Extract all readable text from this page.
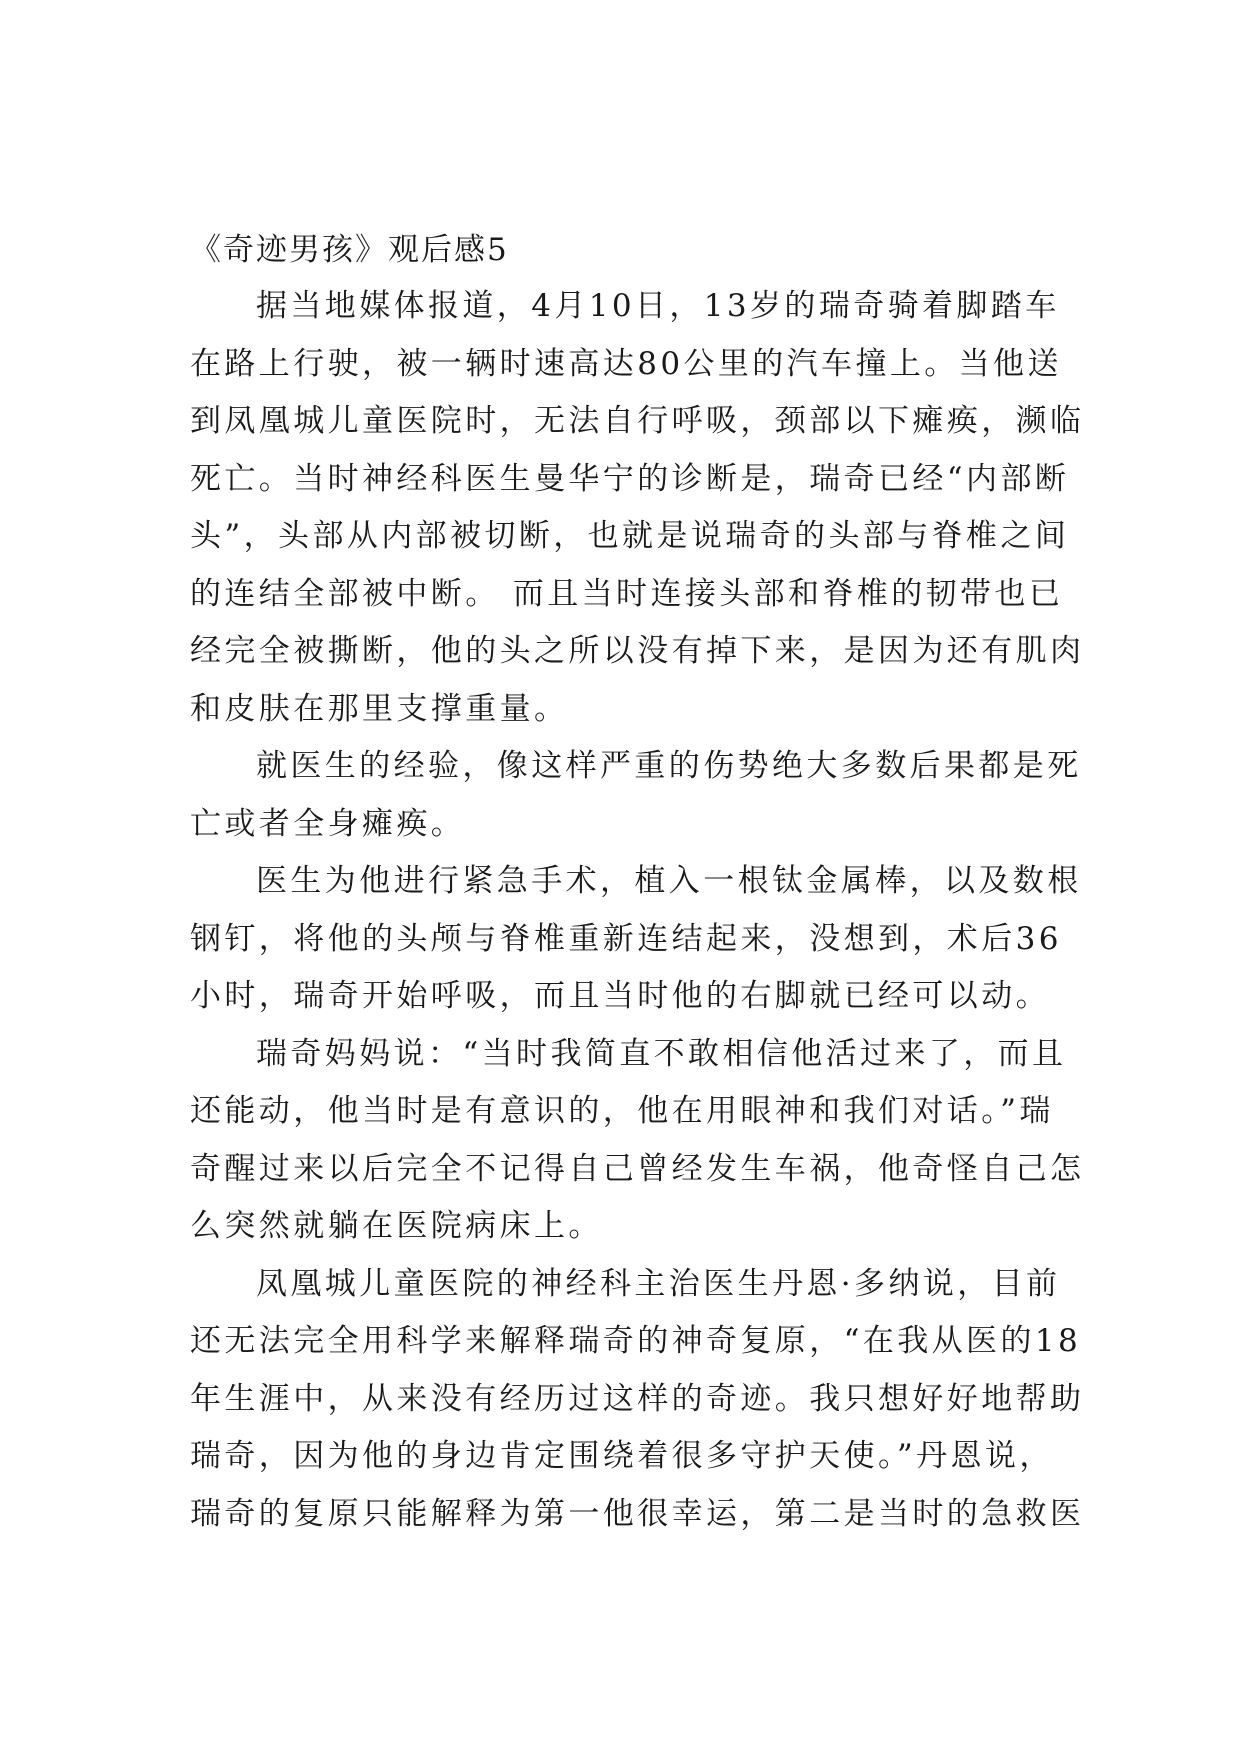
《奇迹男孩》观后感5
据当地媒体报道，4月10日，13岁的瑞奇骑着脚踏车
在路上行驶，被一辆时速高达80公里的汽车撞上。当他送
到凤凰城儿童医院时，无法自行呼吸，颈部以下瘫痪，濒临
死亡。当时神经科医生曼华宁的诊断是，瑞奇已经“内部断
头”，头部从内部被切断，也就是说瑞奇的头部与脊椎之间
的连结全部被中断。 而且当时连接头部和脊椎的韧带也已
经完全被撕断，他的头之所以没有掉下来，是因为还有肌肉
和皮肤在那里支撑重量。
就医生的经验，像这样严重的伤势绝大多数后果都是死
亡或者全身瘫痪。
医生为他进行紧急手术，植入一根钛金属棒，以及数根
钢钉，将他的头颅与脊椎重新连结起来，没想到，术后36
小时，瑞奇开始呼吸，而且当时他的右脚就已经可以动。
瑞奇妈妈说：“当时我简直不敢相信他活过来了，而且
还能动，他当时是有意识的，他在用眼神和我们对话。”瑞
奇醒过来以后完全不记得自己曾经发生车祸，他奇怪自己怎
么突然就躺在医院病床上。
凤凰城儿童医院的神经科主治医生丹恩·多纳说，目前
还无法完全用科学来解释瑞奇的神奇复原，“在我从医的18
年生涯中，从来没有经历过这样的奇迹。我只想好好地帮助
瑞奇，因为他的身边肯定围绕着很多守护天使。”丹恩说，
瑞奇的复原只能解释为第一他很幸运，第二是当时的急救医
